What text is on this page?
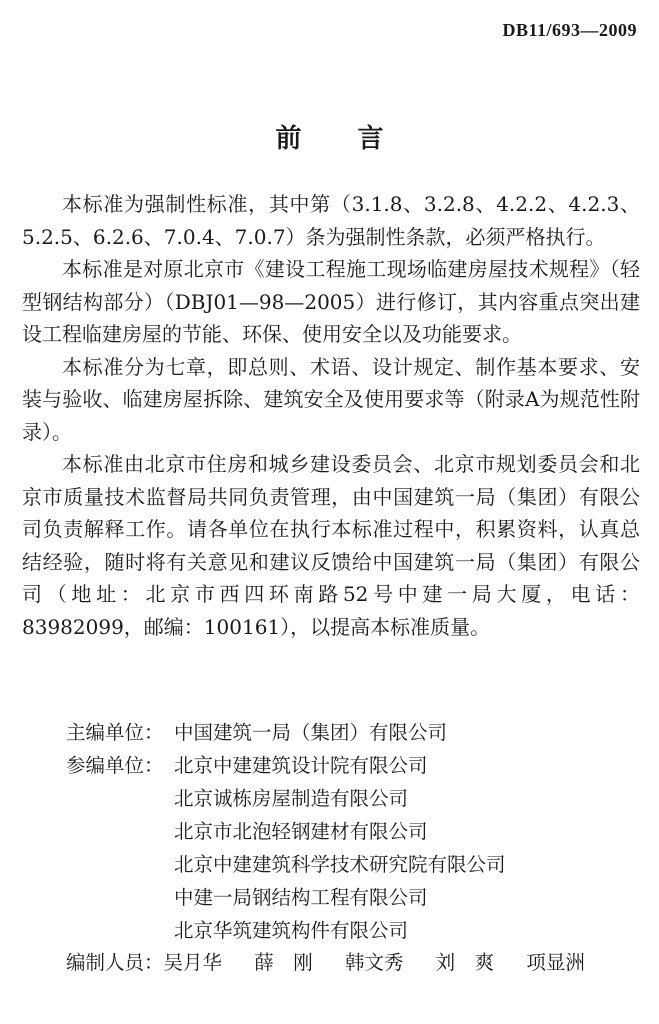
DB11/693—2009
前言

本标准为强制性标准，其中第（3.1.8、3.2.8、4.2.2、4.2.3、5.2.5、6.2.6、7.0.4、7.0.7）条为强制性条款，必须严格执行。

本标准是对原北京市《建设工程施工现场临建房屋技术规程》（轻型钢结构部分）（DBJ01—98—2005）进行修订，其内容重点突出建设工程临建房屋的节能、环保、使用安全以及功能要求。

本标准分为七章，即总则、术语、设计规定、制作基本要求、安装与验收、临建房屋拆除、建筑安全及使用要求等（附录A为规范性附录）。

本标准由北京市住房和城乡建设委员会、北京市规划委员会和北京市质量技术监督局共同负责管理，由中国建筑一局（集团）有限公司负责解释工作。请各单位在执行本标准过程中，积累资料，认真总结经验，随时将有关意见和建议反馈给中国建筑一局（集团）有限公司（地址：北京市西四环南路52号中建一局大厦，电话：83982099，邮编：100161），以提高本标准质量。

主编单位： 中国建筑一局（集团）有限公司
参编单位： 北京中建建筑设计院有限公司
北京诚栋房屋制造有限公司
北京市北泡轻钢建材有限公司
北京中建建筑科学技术研究院有限公司
中建一局钢结构工程有限公司
北京华筑建筑构件有限公司
编制人员： 吴月华 薛　刚 韩文秀 刘　爽 项显洲
